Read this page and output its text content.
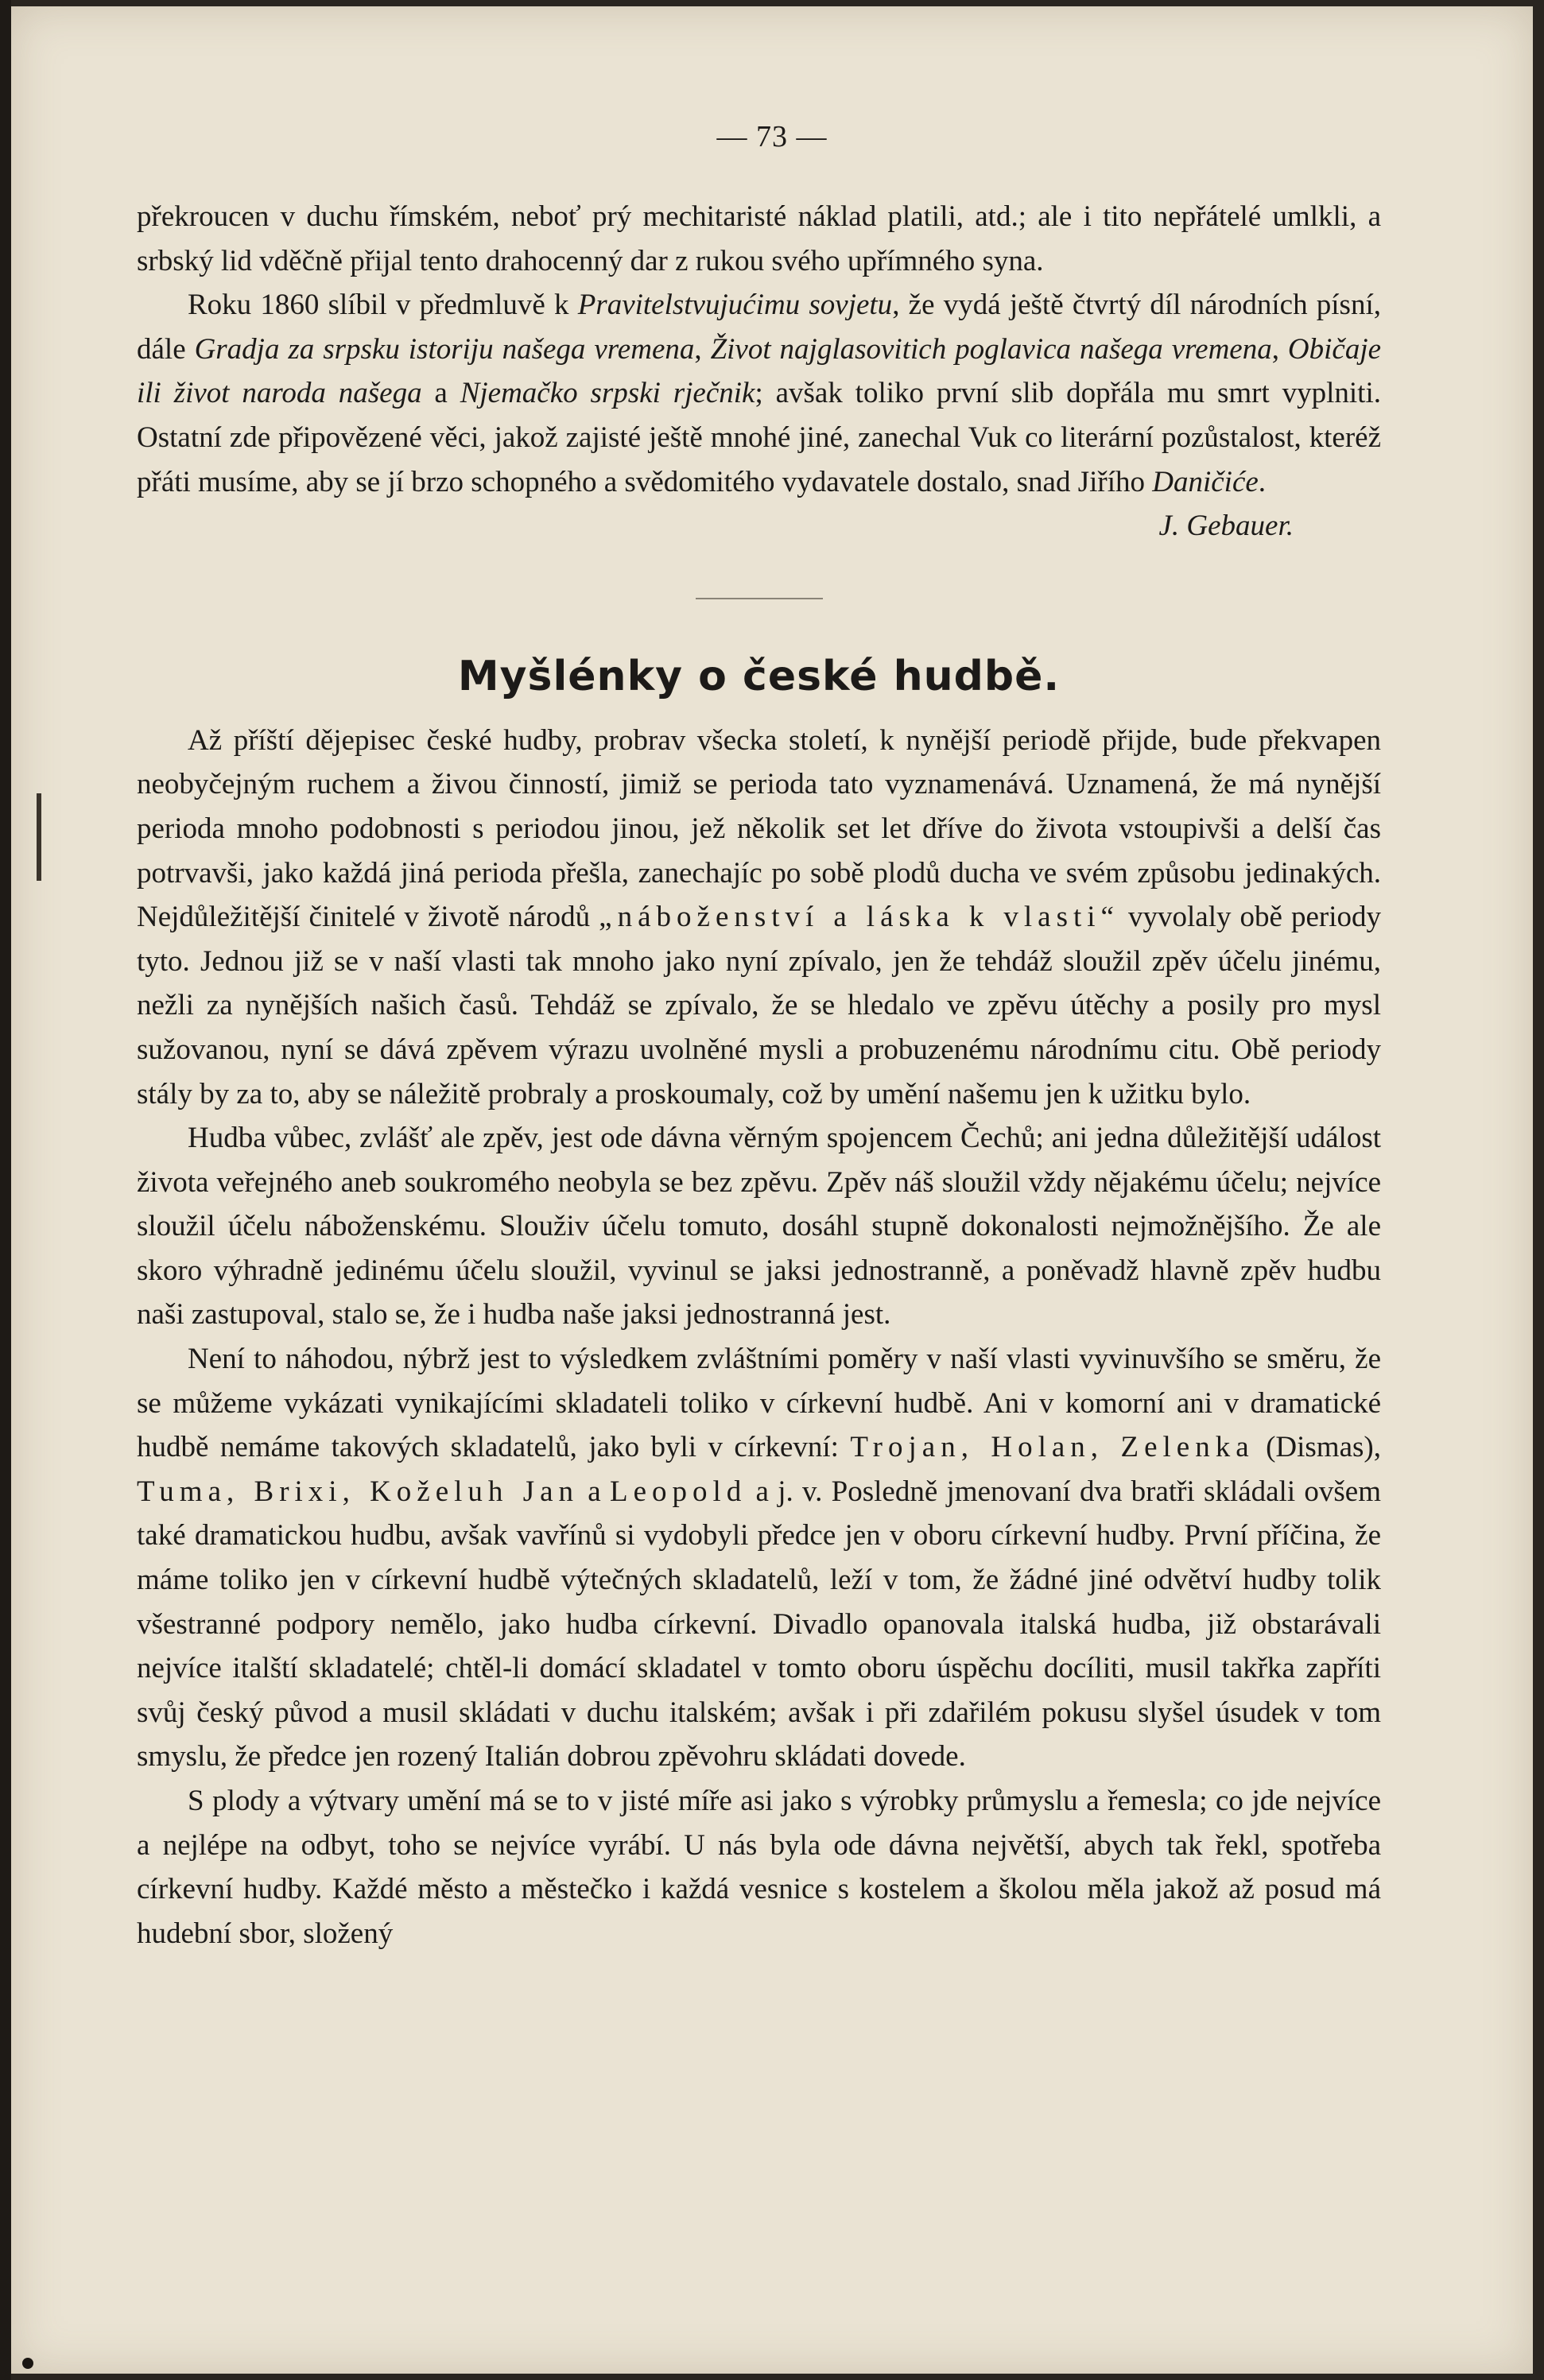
— 73 —

překroucen v duchu římském, neboť prý mechitaristé náklad platili, atd.; ale i tito nepřátelé umlkli, a srbský lid vděčně přijal tento drahocenný dar z rukou svého upřímného syna.

Roku 1860 slíbil v předmluvě k Pravitelstvujućimu sovjetu, že vydá ještě čtvrtý díl národních písní, dále Gradja za srpsku istoriju našega vremena, Život najglasovitich poglavica našega vremena, Običaje ili život naroda našega a Njemačko srpski rječnik; avšak toliko první slib dopřála mu smrt vyplniti. Ostatní zde připovězené věci, jakož zajisté ještě mnohé jiné, zanechal Vuk co literární pozůstalost, kteréž přáti musíme, aby se jí brzo schopného a svědomitého vydavatele dostalo, snad Jiřího Daničiće.

J. Gebauer.
Myšlénky o české hudbě.

Až příští dějepisec české hudby, probrav všecka století, k nynější periodě přijde, bude překvapen neobyčejným ruchem a živou činností, jimiž se perioda tato vyznamenává. Uznamená, že má nynější perioda mnoho podobnosti s periodou jinou, jež několik set let dříve do života vstoupivši a delší čas potrvavši, jako každá jiná perioda přešla, zanechajíc po sobě plodů ducha ve svém způsobu jedinakých. Nejdůležitější činitelé v životě národů „náboženství a láska k vlasti“ vyvolaly obě periody tyto. Jednou již se v naší vlasti tak mnoho jako nyní zpívalo, jen že tehdáž sloužil zpěv účelu jinému, nežli za nynějších našich časů. Tehdáž se zpívalo, že se hledalo ve zpěvu útěchy a posily pro mysl sužovanou, nyní se dává zpěvem výrazu uvolněné mysli a probuzenému národnímu citu. Obě periody stály by za to, aby se náležitě probraly a proskoumaly, což by umění našemu jen k užitku bylo.

Hudba vůbec, zvlášť ale zpěv, jest ode dávna věrným spojencem Čechů; ani jedna důležitější událost života veřejného aneb soukromého neobyla se bez zpěvu. Zpěv náš sloužil vždy nějakému účelu; nejvíce sloužil účelu náboženskému. Slouživ účelu tomuto, dosáhl stupně dokonalosti nejmožnějšího. Že ale skoro výhradně jedinému účelu sloužil, vyvinul se jaksi jednostranně, a poněvadž hlavně zpěv hudbu naši zastupoval, stalo se, že i hudba naše jaksi jednostranná jest.

Není to náhodou, nýbrž jest to výsledkem zvláštními poměry v naší vlasti vyvinuvšího se směru, že se můžeme vykázati vynikajícími skladateli toliko v církevní hudbě. Ani v komorní ani v dramatické hudbě nemáme takových skladatelů, jako byli v církevní: Trojan, Holan, Zelenka (Dismas), Tuma, Brixi, Koželuh Jan a Leopold a j. v. Posledně jmenovaní dva bratři skládali ovšem také dramatickou hudbu, avšak vavřínů si vydobyli předce jen v oboru církevní hudby. První příčina, že máme toliko jen v církevní hudbě výtečných skladatelů, leží v tom, že žádné jiné odvětví hudby tolik všestranné podpory nemělo, jako hudba církevní. Divadlo opanovala italská hudba, již obstarávali nejvíce italští skladatelé; chtěl-li domácí skladatel v tomto oboru úspěchu docíliti, musil takřka zapříti svůj český původ a musil skládati v duchu italském; avšak i při zdařilém pokusu slyšel úsudek v tom smyslu, že předce jen rozený Italián dobrou zpěvohru skládati dovede.

S plody a výtvary umění má se to v jisté míře asi jako s výrobky průmyslu a řemesla; co jde nejvíce a nejlépe na odbyt, toho se nejvíce vyrábí. U nás byla ode dávna největší, abych tak řekl, spotřeba církevní hudby. Každé město a městečko i každá vesnice s kostelem a školou měla jakož až posud má hudební sbor, složený
